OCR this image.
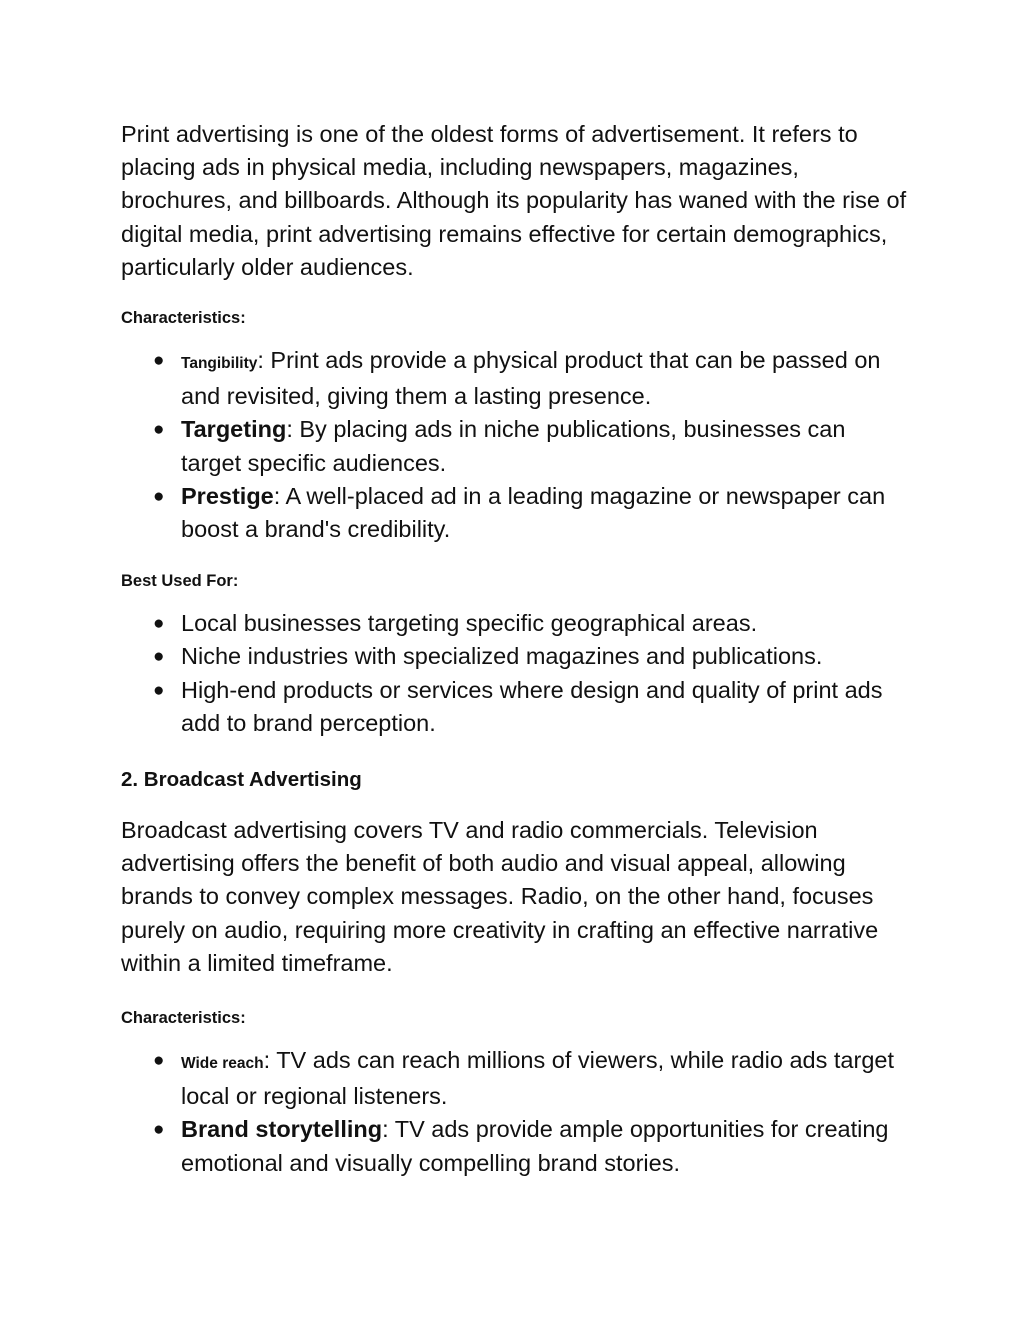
Print advertising is one of the oldest forms of advertisement. It refers to placing ads in physical media, including newspapers, magazines, brochures, and billboards. Although its popularity has waned with the rise of digital media, print advertising remains effective for certain demographics, particularly older audiences.

Characteristics:

● Tangibility: Print ads provide a physical product that can be passed on and revisited, giving them a lasting presence.
● Targeting: By placing ads in niche publications, businesses can target specific audiences.
● Prestige: A well-placed ad in a leading magazine or newspaper can boost a brand's credibility.

Best Used For:

● Local businesses targeting specific geographical areas.
● Niche industries with specialized magazines and publications.
● High-end products or services where design and quality of print ads add to brand perception.

2. Broadcast Advertising

Broadcast advertising covers TV and radio commercials. Television advertising offers the benefit of both audio and visual appeal, allowing brands to convey complex messages. Radio, on the other hand, focuses purely on audio, requiring more creativity in crafting an effective narrative within a limited timeframe.

Characteristics:

● Wide reach: TV ads can reach millions of viewers, while radio ads target local or regional listeners.
● Brand storytelling: TV ads provide ample opportunities for creating emotional and visually compelling brand stories.
